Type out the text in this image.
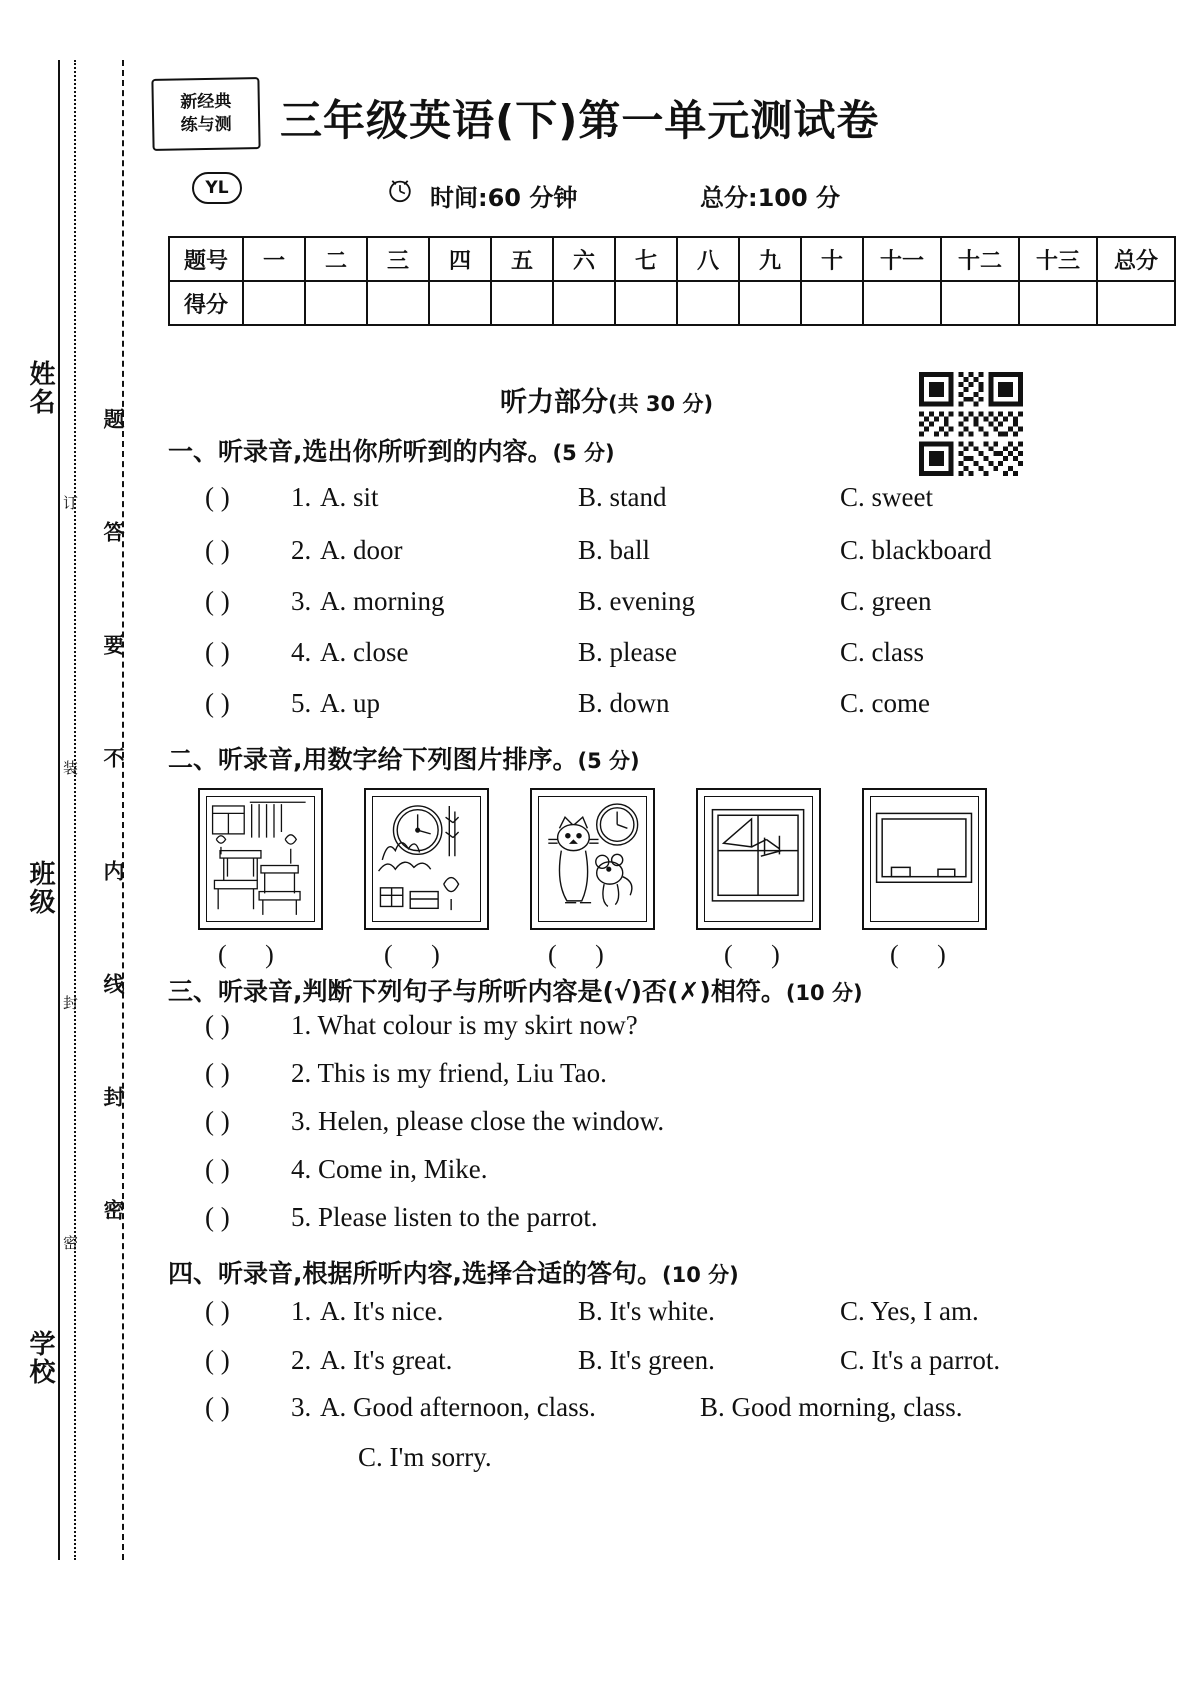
姓名
班级
学校
订
装
封
密 题 答 要 不 内 线 封 密
新经典
练与测 三年级英语(下)第一单元测试卷
YL	时间:60 分钟	总分:100 分
题号	一	二	三	四	五	六	七	八	九	十	十一	十二	十三	总分
得分														
听力部分(共 30 分)
一、听录音,选出你所听到的内容。(5 分)
( ) 1. A. sit	B. stand	C. sweet
( ) 2. A. door	B. ball	C. blackboard
( ) 3. A. morning	B. evening	C. green
( ) 4. A. close	B. please	C. class
( ) 5. A. up	B. down	C. come
二、听录音,用数字给下列图片排序。(5 分)
( )	( )	( )	( )	( )
三、听录音,判断下列句子与所听内容是(√)否(✗)相符。(10 分)
( ) 1. What colour is my skirt now?
( ) 2. This is my friend, Liu Tao.
( ) 3. Helen, please close the window.
( ) 4. Come in, Mike.
( ) 5. Please listen to the parrot.
四、听录音,根据所听内容,选择合适的答句。(10 分)
( ) 1. A. It's nice.	B. It's white.	C. Yes, I am.
( ) 2. A. It's great.	B. It's green.	C. It's a parrot.
( ) 3. A. Good afternoon, class.	B. Good morning, class.
C. I'm sorry.
